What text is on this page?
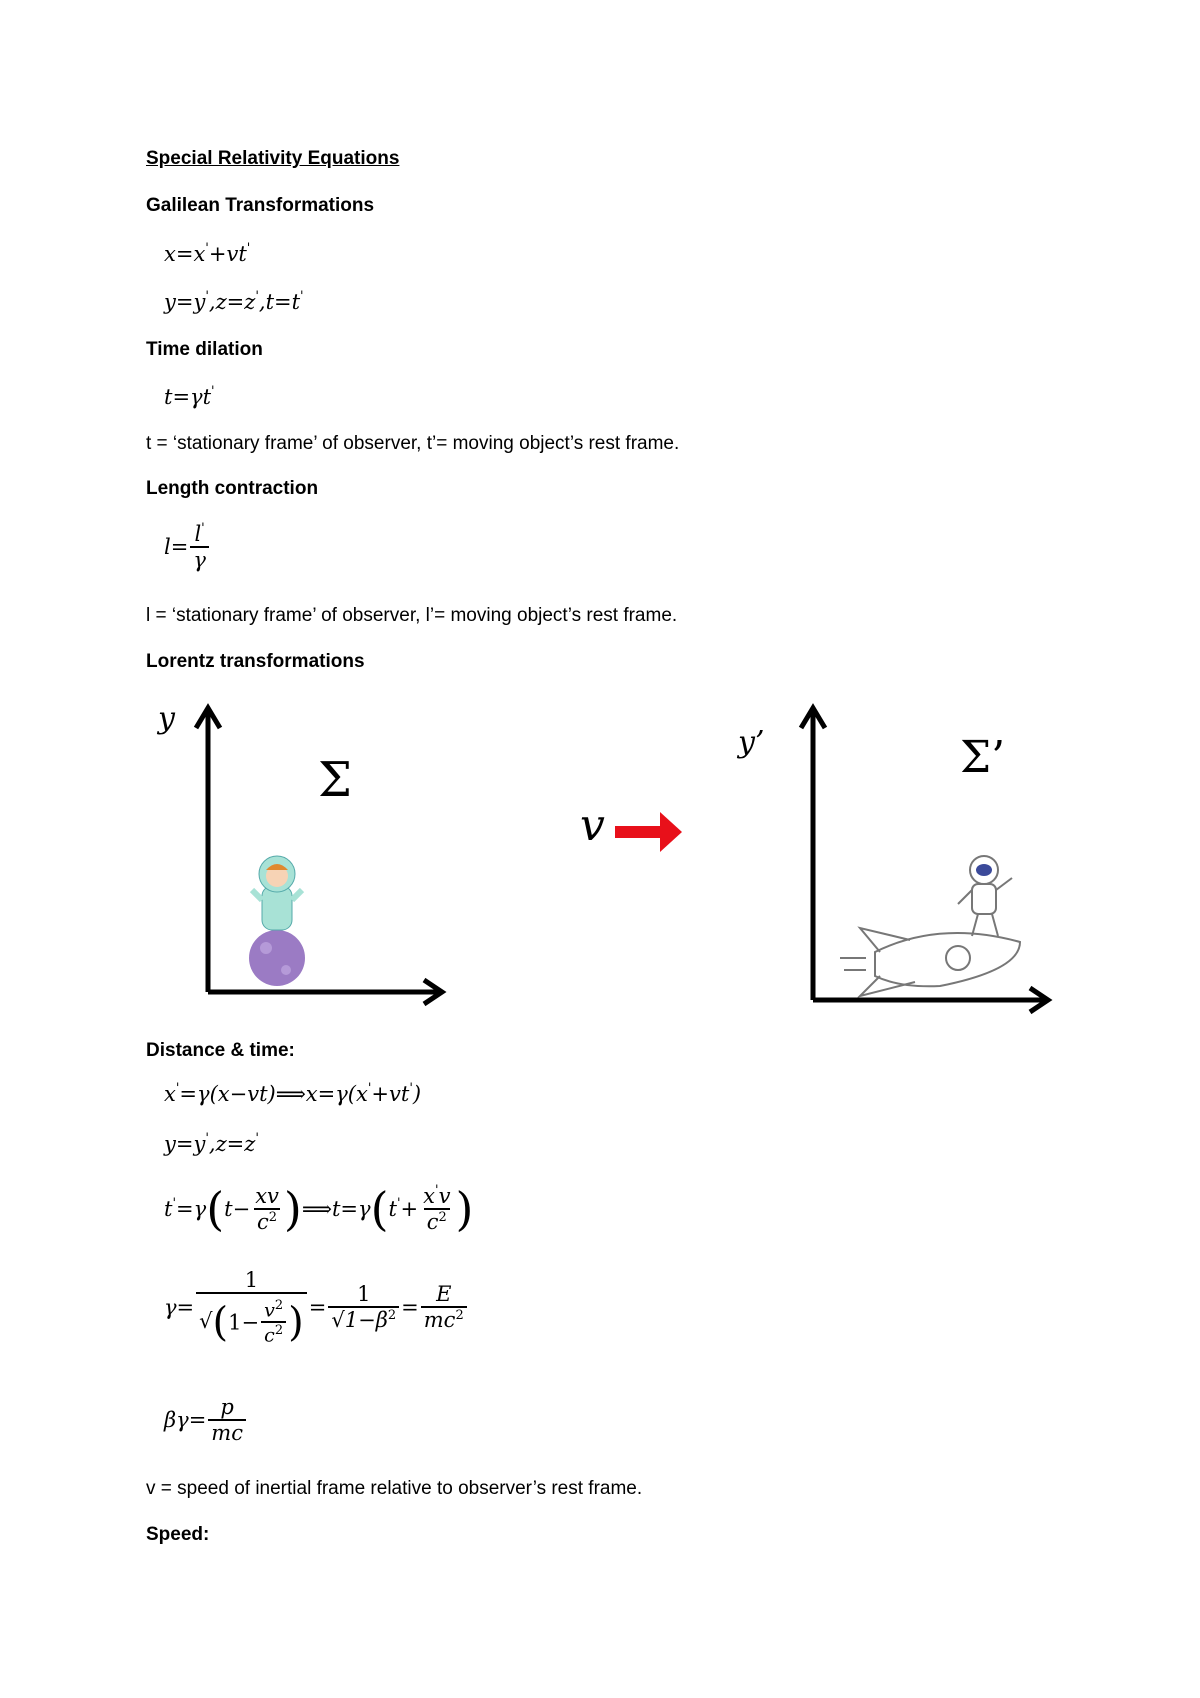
Special Relativity Equations
Galilean Transformations
x=x'+vt'
y=y',z=z',t=t'
Time dilation
t=γt'
t = ‘stationary frame’ of observer, t’= moving object’s rest frame.
Length contraction
$l= \frac{l'}{\gamma}$
l = ‘stationary frame’ of observer, l’= moving object’s rest frame.
Lorentz transformations
y
Σ
v
y’	Σ’
Distance & time:
x'=γ(x−vt)⟹x=γ(x'+vt')
y=y',z=z'
$t'=\gamma(t- \frac{xv}{c^2}$ )⟹t=γ(t'+ $\frac{x'v}{c^2}$ )
$\gamma= \frac{1}{√(1- \frac{v^2}{c^2} )} = \frac{1}{√1-\beta^2} = \frac{E}{mc^2}$
$\beta\gamma= \frac{p}{mc}$
v = speed of inertial frame relative to observer’s rest frame.
Speed:
